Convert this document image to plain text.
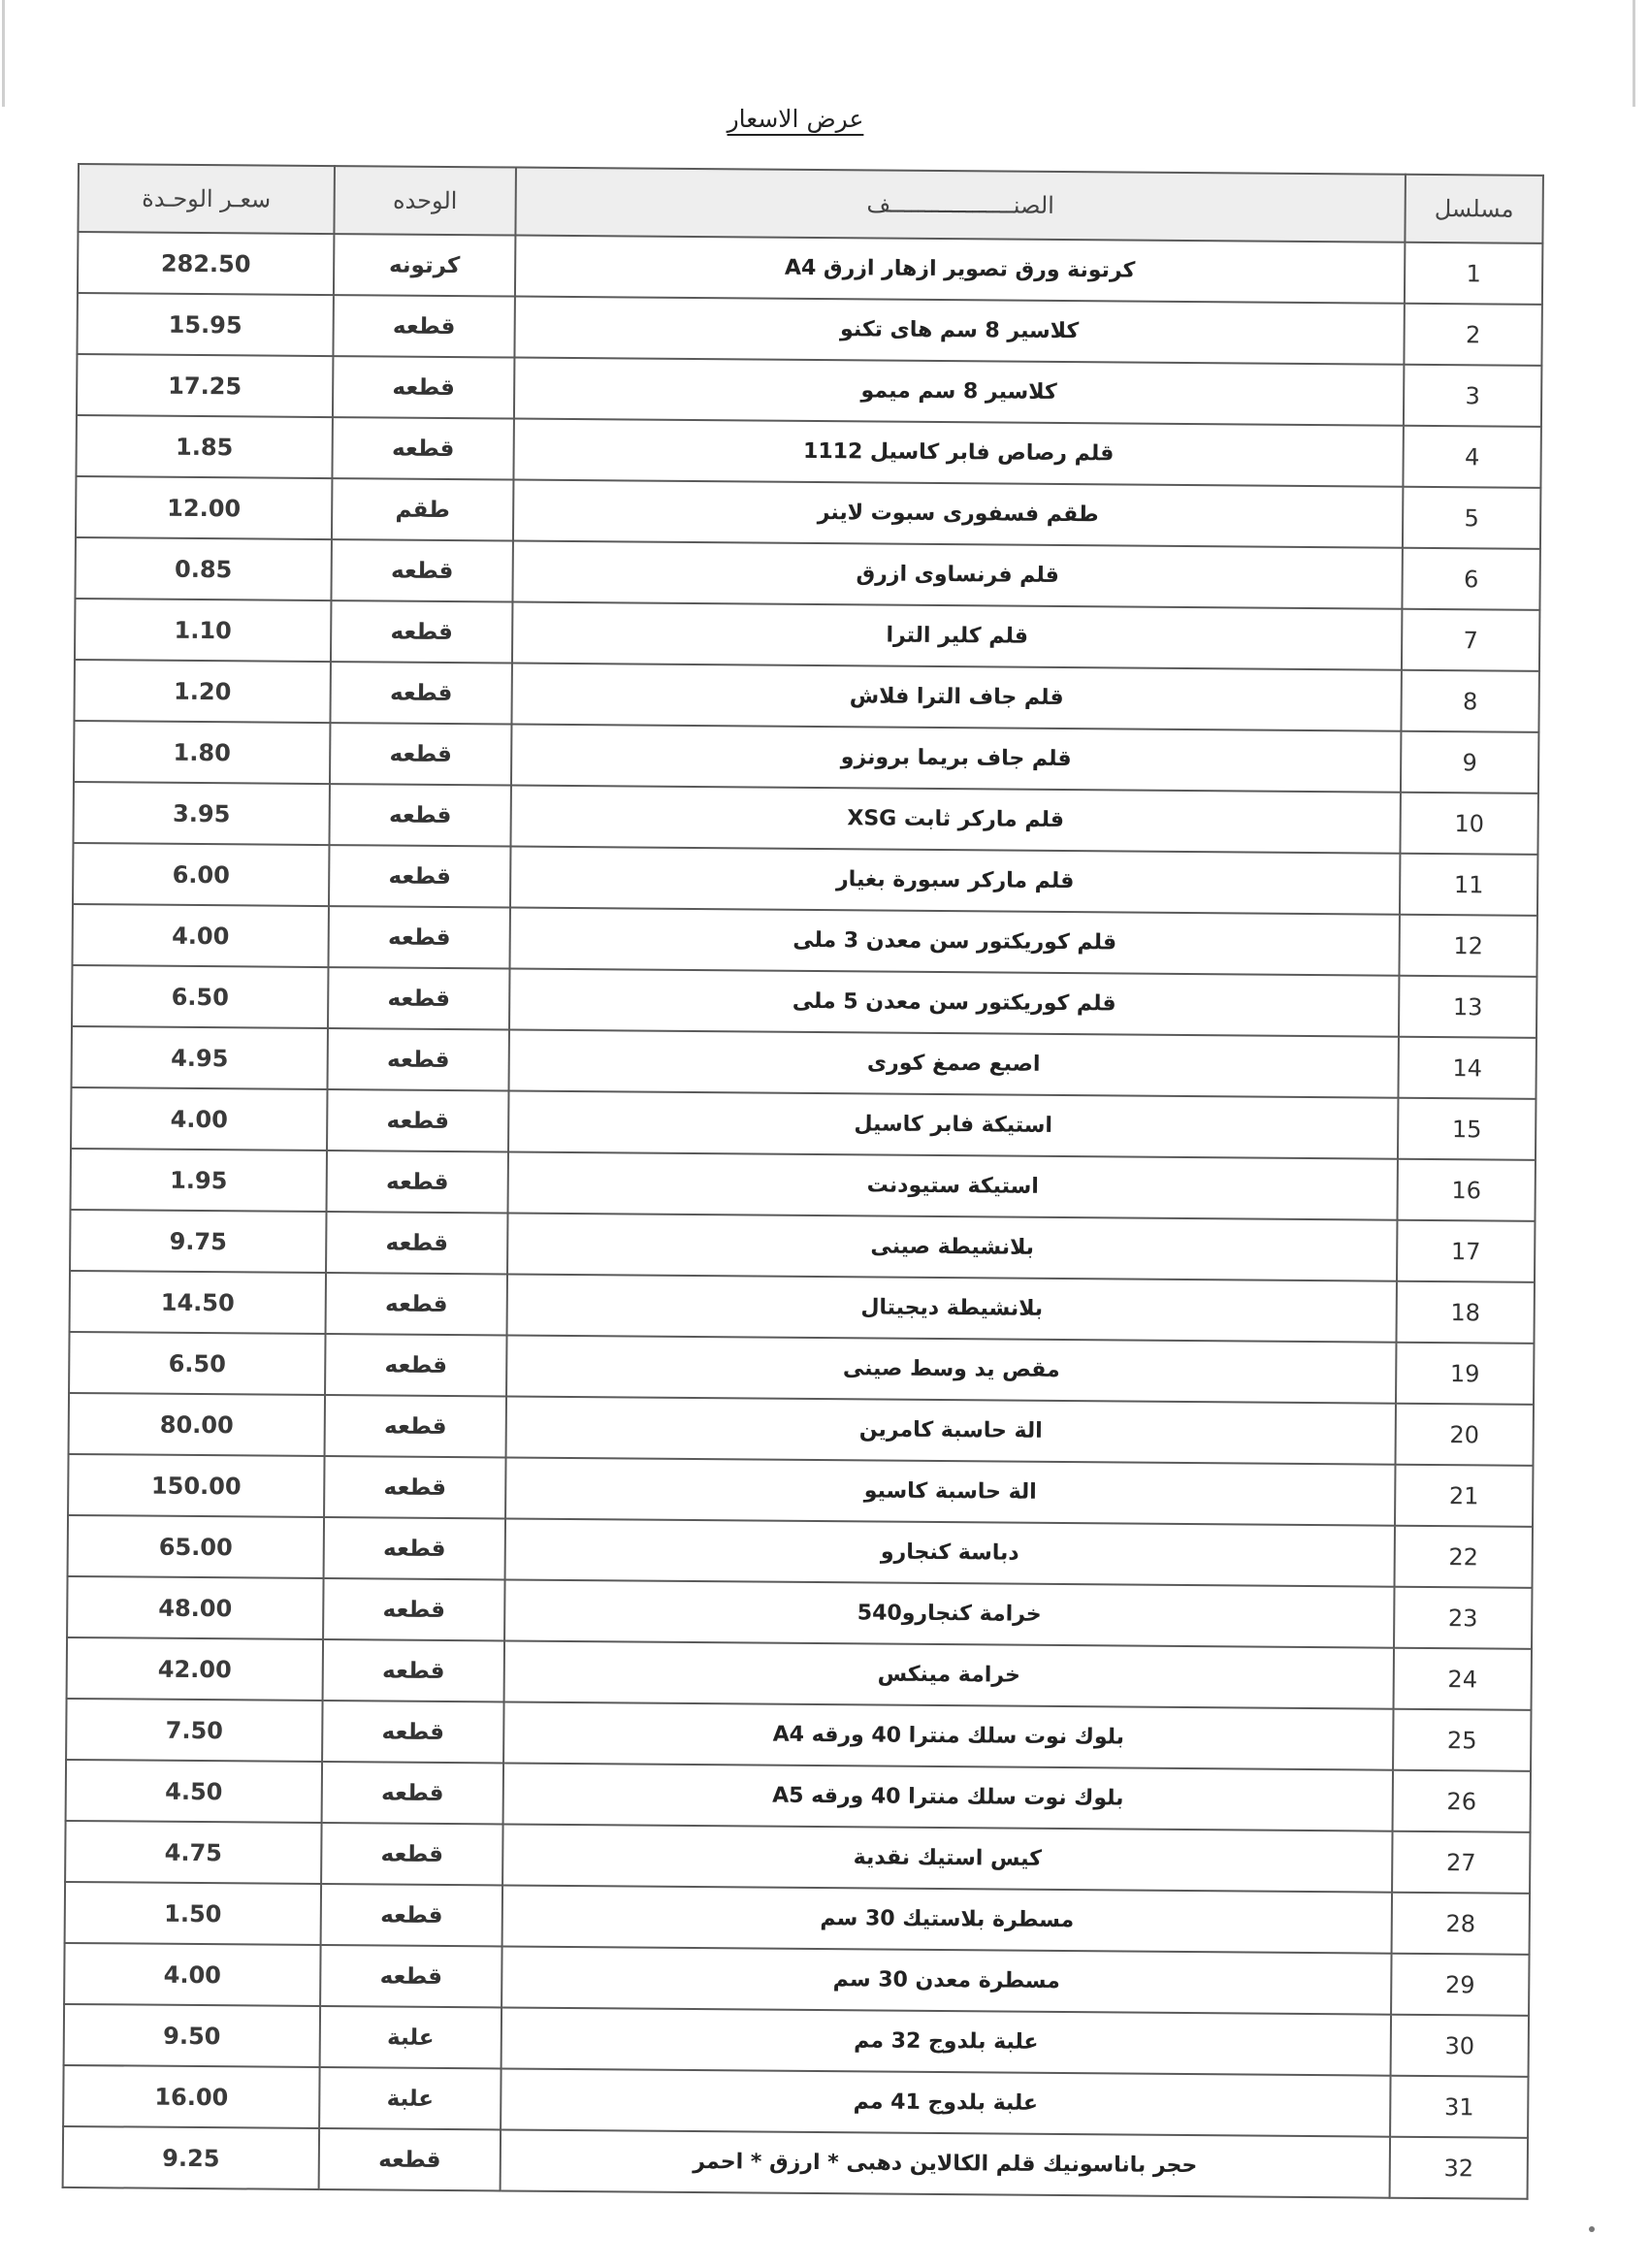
عرض الاسعار
سعـر الوحـدة	الوحده	الصنــــــــــــــــــف	مسلسل
282.50	كرتونه	كرتونة ورق تصوير ازهار ازرق A4	1
15.95	قطعه	كلاسير 8 سم هاى تكنو	2
17.25	قطعه	كلاسير 8 سم ميمو	3
1.85	قطعه	قلم رصاص فابر كاسيل 1112	4
12.00	طقم	طقم فسفورى سبوت لاينر	5
0.85	قطعه	قلم فرنساوى ازرق	6
1.10	قطعه	قلم كلير الترا	7
1.20	قطعه	قلم جاف الترا فلاش	8
1.80	قطعه	قلم جاف بريما برونزو	9
3.95	قطعه	قلم ماركر ثابت XSG	10
6.00	قطعه	قلم ماركر سبورة بغيار	11
4.00	قطعه	قلم كوريكتور سن معدن 3 ملى	12
6.50	قطعه	قلم كوريكتور سن معدن 5 ملى	13
4.95	قطعه	اصبع صمغ كورى	14
4.00	قطعه	استيكة فابر كاسيل	15
1.95	قطعه	استيكة ستيودنت	16
9.75	قطعه	بلانشيطة صينى	17
14.50	قطعه	بلانشيطة ديجيتال	18
6.50	قطعه	مقص يد وسط صينى	19
80.00	قطعه	الة حاسبة كامرين	20
150.00	قطعه	الة حاسبة كاسيو	21
65.00	قطعه	دباسة كنجارو	22
48.00	قطعه	خرامة كنجارو540	23
42.00	قطعه	خرامة مينكس	24
7.50	قطعه	بلوك نوت سلك منترا 40 ورقه A4	25
4.50	قطعه	بلوك نوت سلك منترا 40 ورقه A5	26
4.75	قطعه	كيس استيك نقدية	27
1.50	قطعه	مسطرة بلاستيك 30 سم	28
4.00	قطعه	مسطرة معدن 30 سم	29
9.50	علبة	علبة بلدوج 32 مم	30
16.00	علبة	علبة بلدوج 41 مم	31
9.25	قطعه	حجر باناسونيك قلم الكالاين دهبى * ارزق * احمر	32
